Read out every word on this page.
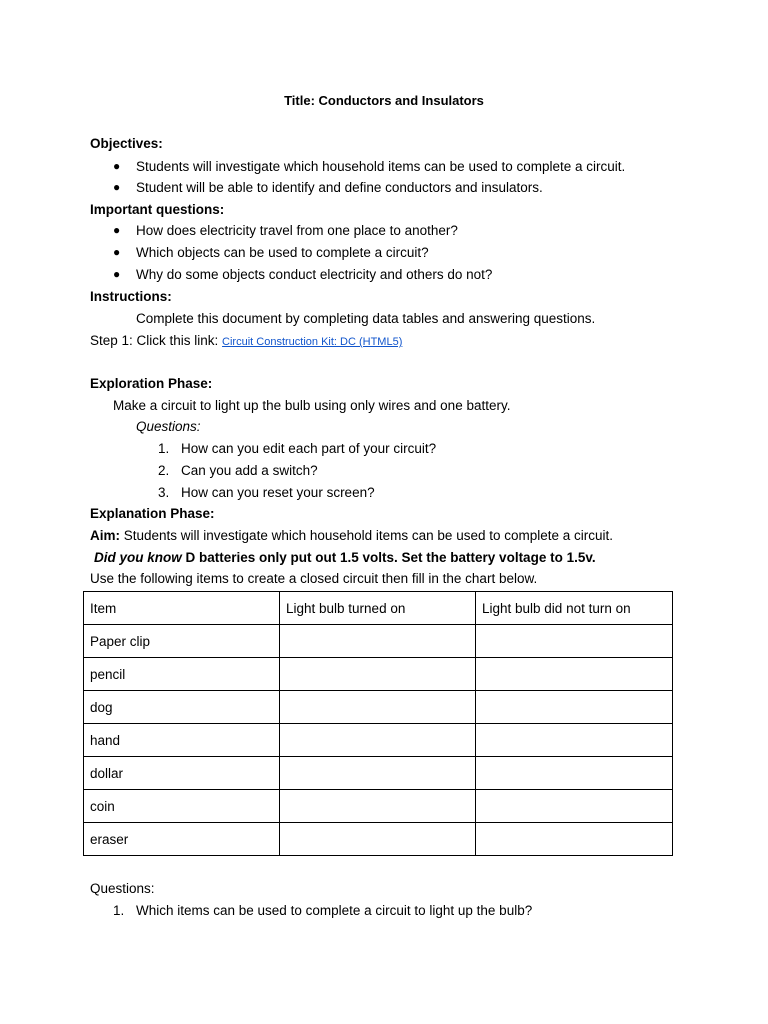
Title: Conductors and Insulators
Objectives:
● Students will investigate which household items can be used to complete a circuit.
● Student will be able to identify and define conductors and insulators.
Important questions:
● How does electricity travel from one place to another?
● Which objects can be used to complete a circuit?
● Why do some objects conduct electricity and others do not?
Instructions:
Complete this document by completing data tables and answering questions.
Step 1: Click this link: Circuit Construction Kit: DC (HTML5)
Exploration Phase:
Make a circuit to light up the bulb using only wires and one battery.
Questions:
1. How can you edit each part of your circuit?
2. Can you add a switch?
3. How can you reset your screen?
Explanation Phase:
Aim: Students will investigate which household items can be used to complete a circuit.
Did you know D batteries only put out 1.5 volts. Set the battery voltage to 1.5v.
Use the following items to create a closed circuit then fill in the chart below.
Item	Light bulb turned on	Light bulb did not turn on
Paper clip		
pencil		
dog		
hand		
dollar		
coin		
eraser		
Questions:
1. Which items can be used to complete a circuit to light up the bulb?
